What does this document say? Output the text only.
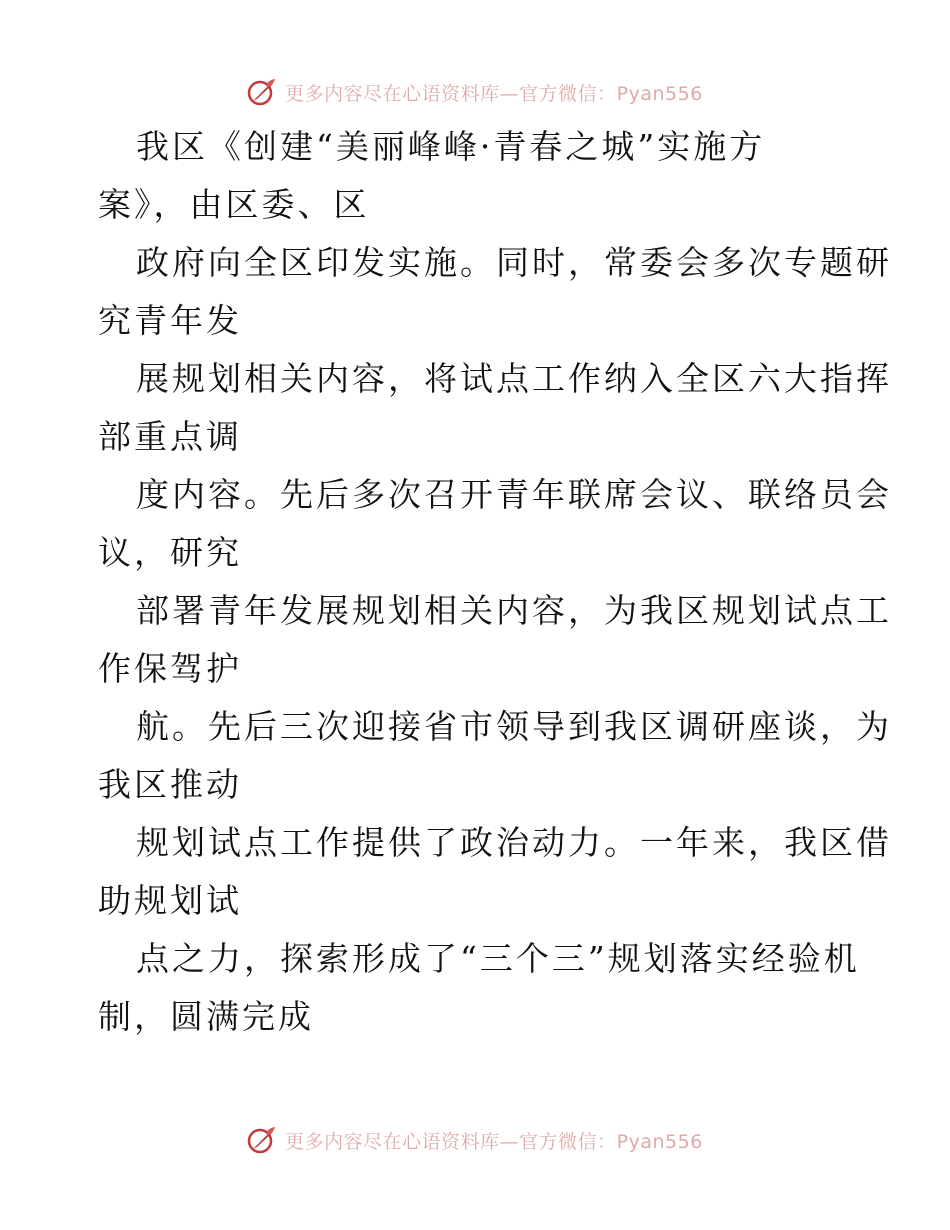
更多内容尽在心语资料库—官方微信：Pyan556
我区《创建“美丽峰峰·青春之城”实施方
案》，由区委、区
政府向全区印发实施。同时，常委会多次专题研
究青年发
展规划相关内容，将试点工作纳入全区六大指挥
部重点调
度内容。先后多次召开青年联席会议、联络员会
议，研究
部署青年发展规划相关内容，为我区规划试点工
作保驾护
航。先后三次迎接省市领导到我区调研座谈，为
我区推动
规划试点工作提供了政治动力。一年来，我区借
助规划试
点之力，探索形成了“三个三”规划落实经验机
制，圆满完成
更多内容尽在心语资料库—官方微信：Pyan556
